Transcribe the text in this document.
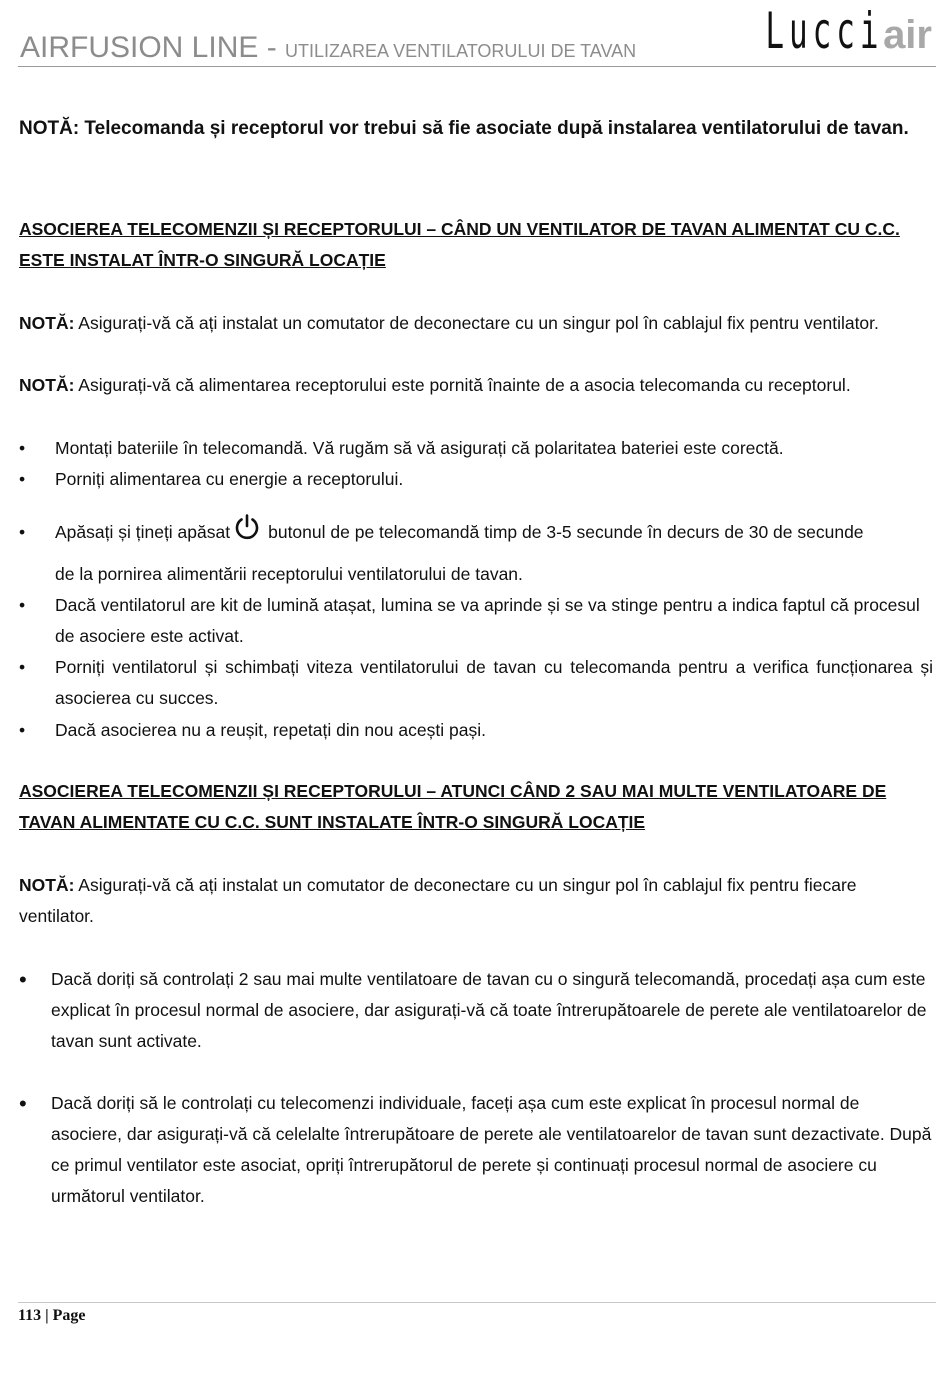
AIRFUSION LINE - UTILIZAREA VENTILATORULUI DE TAVAN	Lucciair
NOTĂ: Telecomanda și receptorul vor trebui să fie asociate după instalarea ventilatorului de tavan.
ASOCIEREA TELECOMENZII ȘI RECEPTORULUI – CÂND UN VENTILATOR DE TAVAN ALIMENTAT CU C.C. ESTE INSTALAT ÎNTR-O SINGURĂ LOCAȚIE
NOTĂ: Asigurați-vă că ați instalat un comutator de deconectare cu un singur pol în cablajul fix pentru ventilator.
NOTĂ: Asigurați-vă că alimentarea receptorului este pornită înainte de a asocia telecomanda cu receptorul.
•	Montați bateriile în telecomandă. Vă rugăm să vă asigurați că polaritatea bateriei este corectă.
•	Porniți alimentarea cu energie a receptorului.
•	Apăsați și țineți apăsat butonul de pe telecomandă timp de 3-5 secunde în decurs de 30 de secunde
de la pornirea alimentării receptorului ventilatorului de tavan.
•	Dacă ventilatorul are kit de lumină atașat, lumina se va aprinde și se va stinge pentru a indica faptul că procesul de asociere este activat.
•	Porniți ventilatorul și schimbați viteza ventilatorului de tavan cu telecomanda pentru a verifica funcționarea și asocierea cu succes.
•	Dacă asocierea nu a reușit, repetați din nou acești pași.
ASOCIEREA TELECOMENZII ȘI RECEPTORULUI – ATUNCI CÂND 2 SAU MAI MULTE VENTILATOARE DE TAVAN ALIMENTATE CU C.C. SUNT INSTALATE ÎNTR-O SINGURĂ LOCAȚIE
NOTĂ: Asigurați-vă că ați instalat un comutator de deconectare cu un singur pol în cablajul fix pentru fiecare ventilator.
•	Dacă doriți să controlați 2 sau mai multe ventilatoare de tavan cu o singură telecomandă, procedați așa cum este explicat în procesul normal de asociere, dar asigurați-vă că toate întrerupătoarele de perete ale ventilatoarelor de tavan sunt activate.
•	Dacă doriți să le controlați cu telecomenzi individuale, faceți așa cum este explicat în procesul normal de asociere, dar asigurați-vă că celelalte întrerupătoare de perete ale ventilatoarelor de tavan sunt dezactivate. După ce primul ventilator este asociat, opriți întrerupătorul de perete și continuați procesul normal de asociere cu următorul ventilator.
113 | Page
